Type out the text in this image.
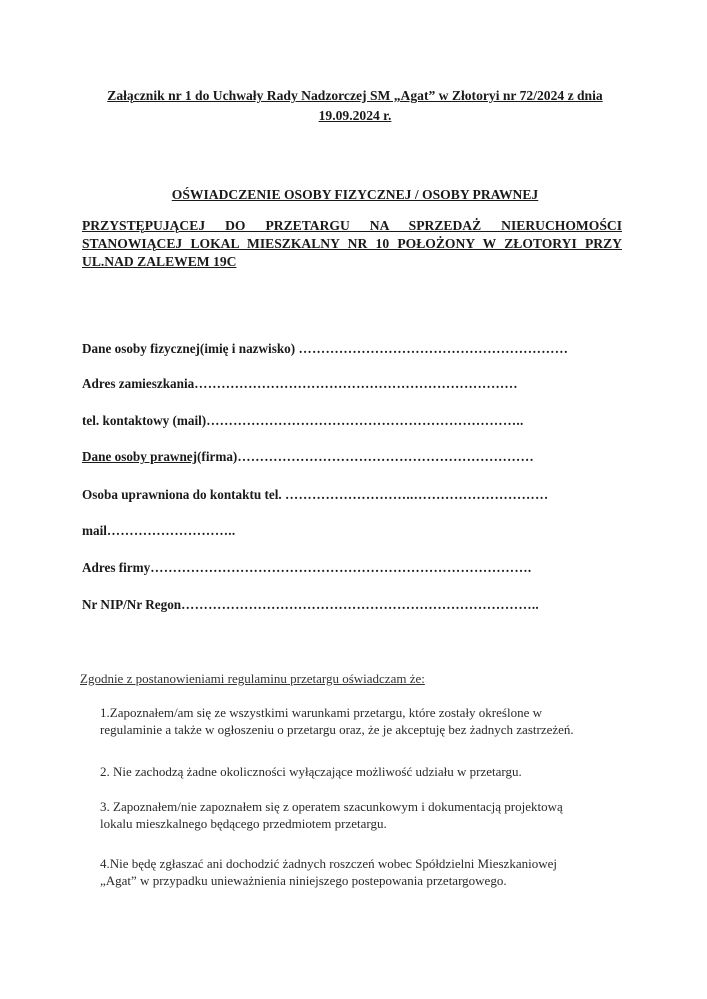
Załącznik nr 1 do Uchwały Rady Nadzorczej SM „Agat” w Złotoryi nr 72/2024 z dnia
19.09.2024 r.
OŚWIADCZENIE OSOBY FIZYCZNEJ / OSOBY PRAWNEJ
PRZYSTĘPUJĄCEJ DO PRZETARGU NA SPRZEDAŻ NIERUCHOMOŚCI STANOWIĄCEJ LOKAL MIESZKALNY NR 10 POŁOŻONY W ZŁOTORYI PRZY UL.NAD ZALEWEM 19C
Dane osoby fizycznej(imię i nazwisko) ……………………………………………………
Adres zamieszkania………………………………………………………………
tel. kontaktowy (mail)……………………………………………………………..
Dane osoby prawnej(firma)…………………………………………………………
Osoba uprawniona do kontaktu tel. ………………………..…………………………
mail………………………..
Adres firmy………………………………………………………………………….
Nr NIP/Nr Regon……………………………………………………………………..
Zgodnie z postanowieniami regulaminu przetargu oświadczam że:
1.Zapoznałem/am się ze wszystkimi warunkami przetargu, które zostały określone w
regulaminie a także w ogłoszeniu o przetargu oraz, że je akceptuję bez żadnych zastrzeżeń.
2. Nie zachodzą żadne okoliczności wyłączające możliwość udziału w przetargu.
3. Zapoznałem/nie zapoznałem się z operatem szacunkowym i dokumentacją projektową
lokalu mieszkalnego będącego przedmiotem przetargu.
4.Nie będę zgłaszać ani dochodzić żadnych roszczeń wobec Spółdzielni Mieszkaniowej
„Agat” w przypadku unieważnienia niniejszego postepowania przetargowego.
